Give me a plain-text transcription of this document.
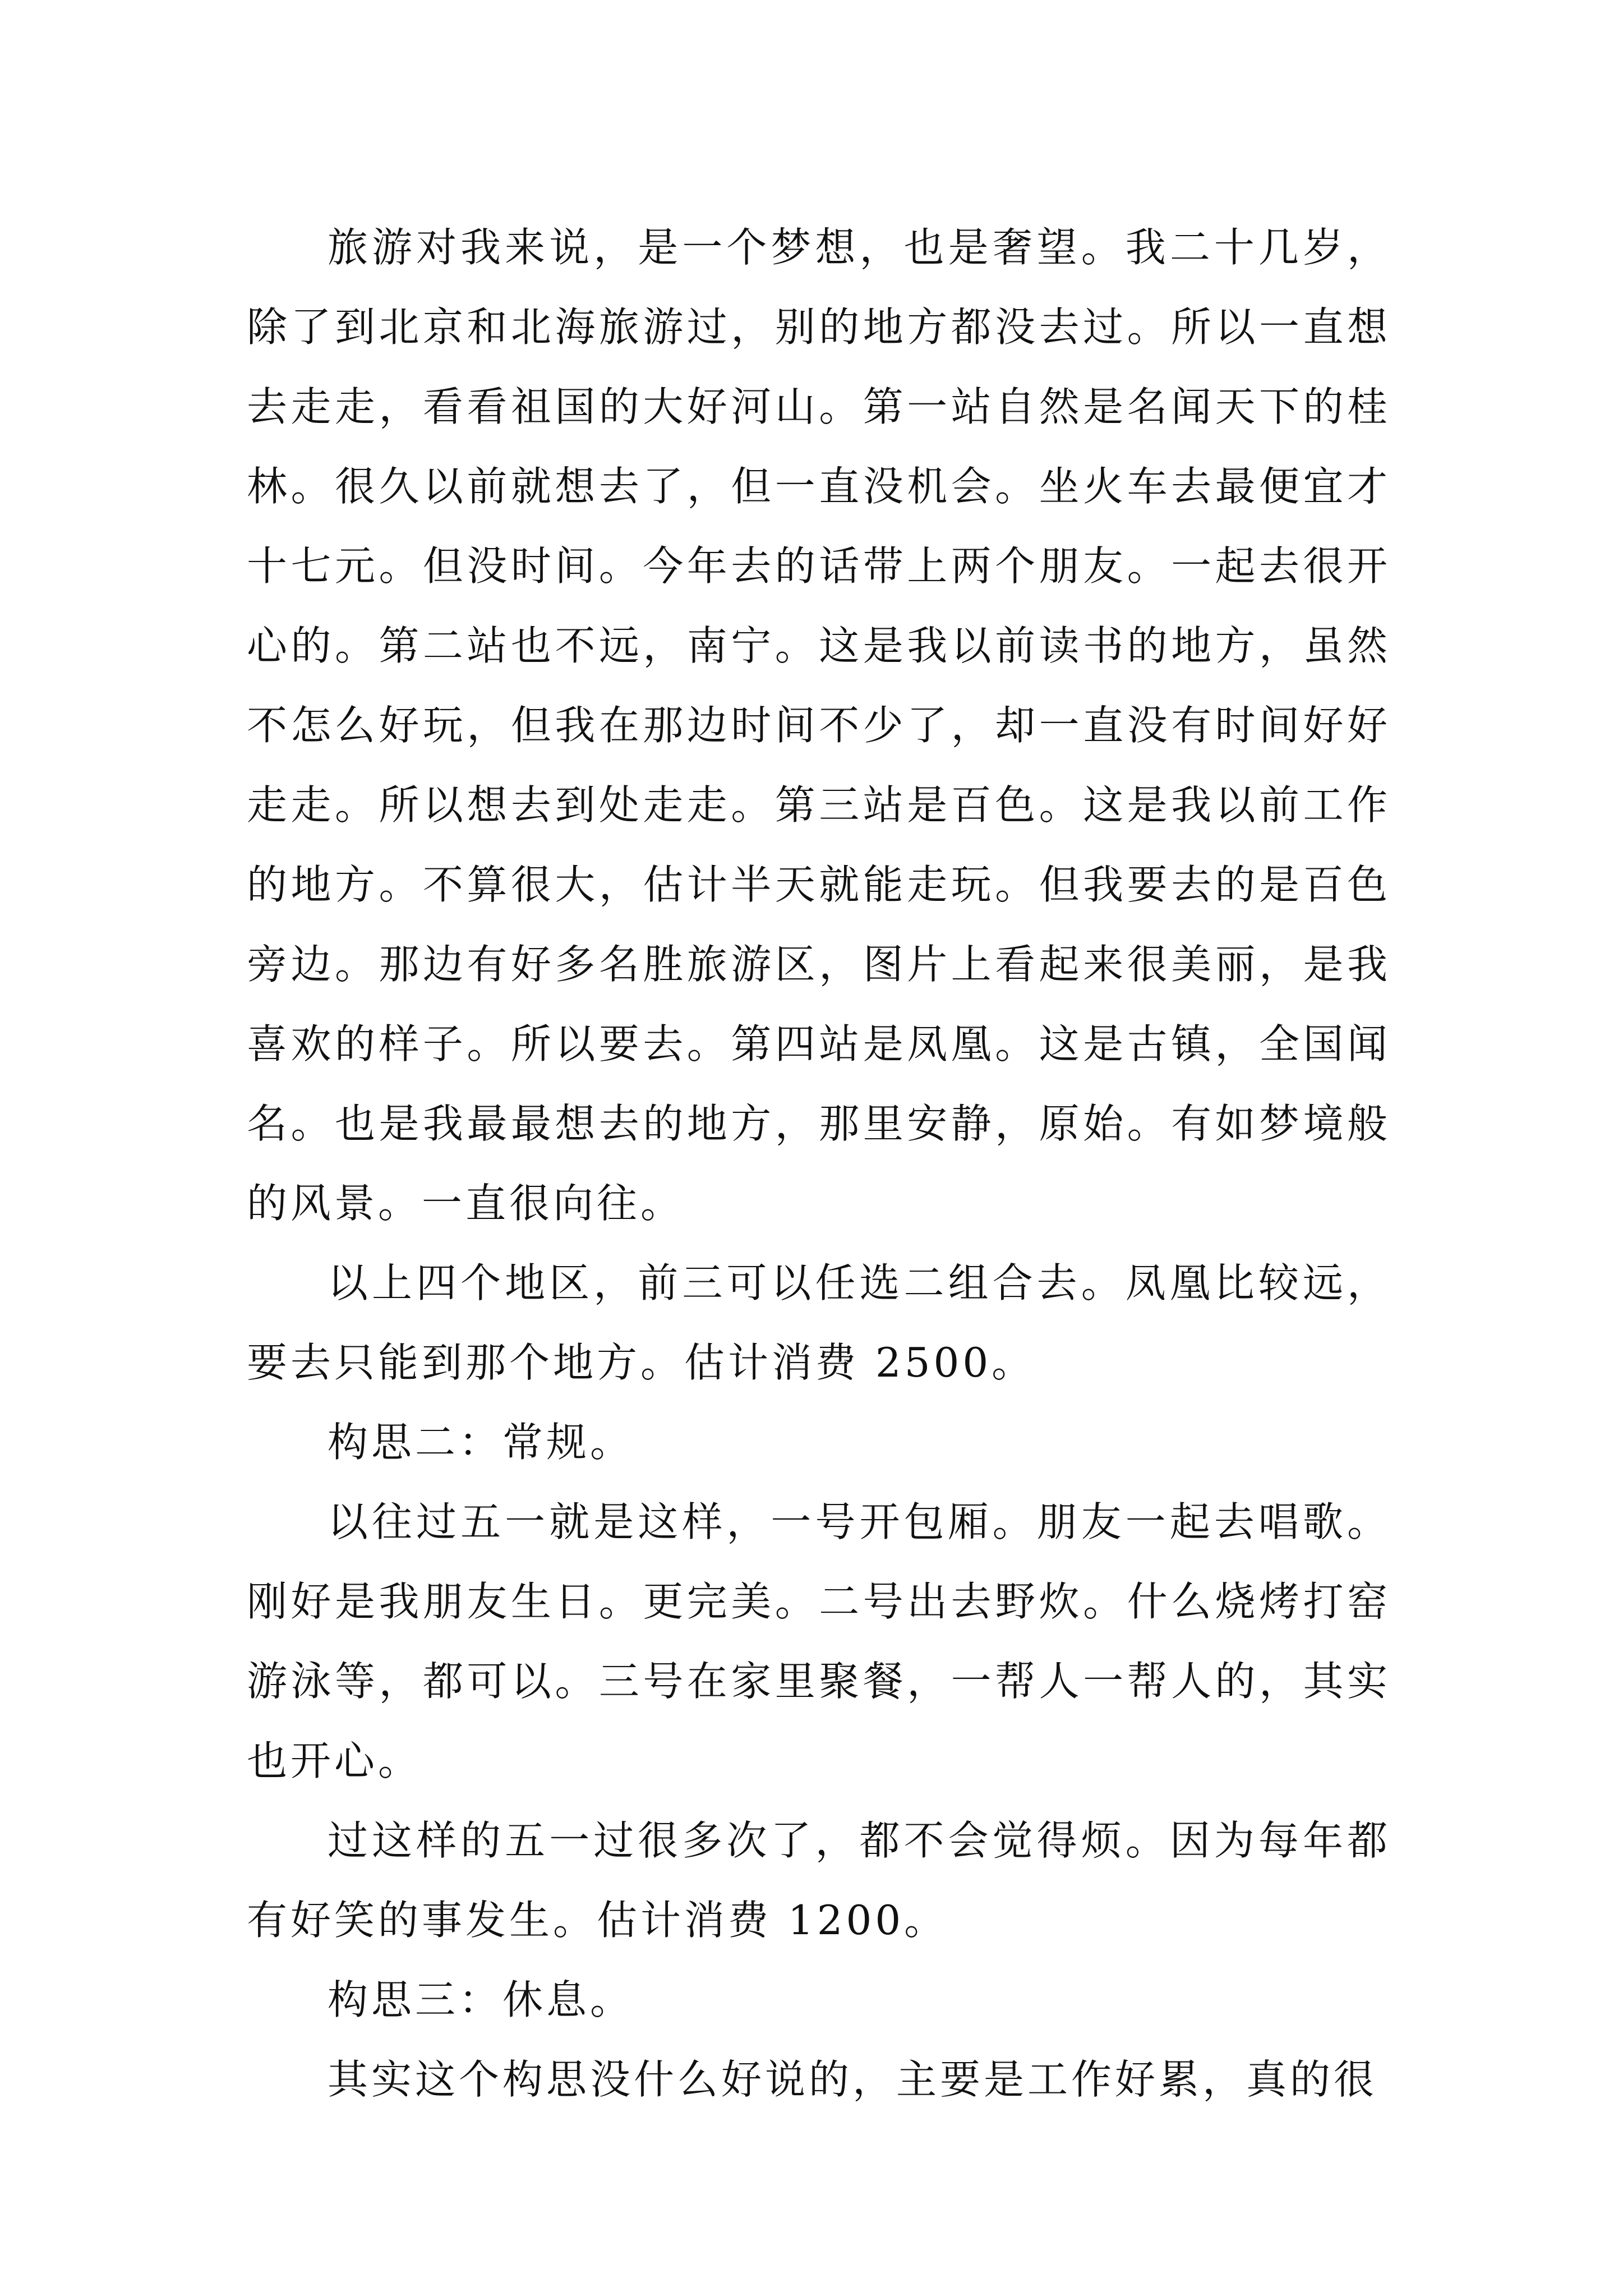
旅游对我来说，是一个梦想，也是奢望。我二十几岁，除了到北京和北海旅游过，别的地方都没去过。所以一直想去走走，看看祖国的大好河山。第一站自然是名闻天下的桂林。很久以前就想去了，但一直没机会。坐火车去最便宜才十七元。但没时间。今年去的话带上两个朋友。一起去很开心的。第二站也不远，南宁。这是我以前读书的地方，虽然不怎么好玩，但我在那边时间不少了，却一直没有时间好好走走。所以想去到处走走。第三站是百色。这是我以前工作的地方。不算很大，估计半天就能走玩。但我要去的是百色旁边。那边有好多名胜旅游区，图片上看起来很美丽，是我喜欢的样子。所以要去。第四站是凤凰。这是古镇，全国闻名。也是我最最想去的地方，那里安静，原始。有如梦境般的风景。一直很向往。

以上四个地区，前三可以任选二组合去。凤凰比较远，要去只能到那个地方。估计消费 2500。

构思二：常规。

以往过五一就是这样，一号开包厢。朋友一起去唱歌。刚好是我朋友生日。更完美。二号出去野炊。什么烧烤打窑游泳等，都可以。三号在家里聚餐，一帮人一帮人的，其实也开心。

过这样的五一过很多次了，都不会觉得烦。因为每年都有好笑的事发生。估计消费 1200。

构思三：休息。

其实这个构思没什么好说的，主要是工作好累，真的很
